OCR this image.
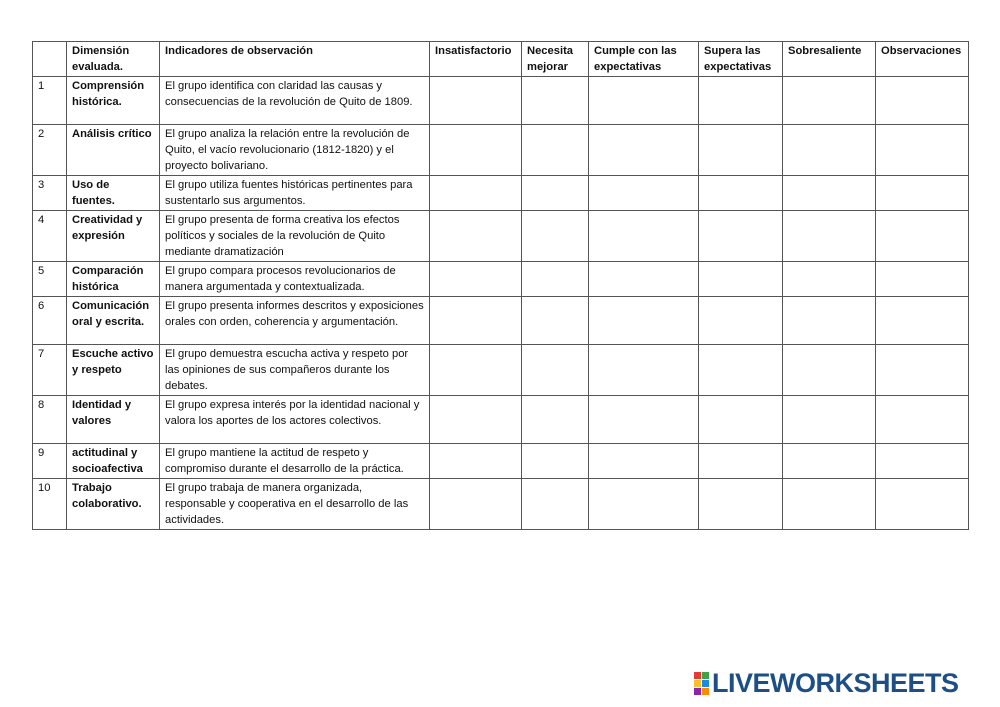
	Dimensión evaluada.	Indicadores de observación	Insatisfactorio	Necesita mejorar	Cumple con las expectativas	Supera las expectativas	Sobresaliente	Observaciones
1	Comprensión histórica.	El grupo identifica con claridad las causas y consecuencias de la revolución de Quito de 1809.						
2	Análisis crítico	El grupo analiza la relación entre la revolución de Quito, el vacío revolucionario (1812-1820) y el proyecto bolivariano.						
3	Uso de fuentes.	El grupo utiliza fuentes históricas pertinentes para sustentarlo sus argumentos.						
4	Creatividad y expresión	El grupo presenta de forma creativa los efectos políticos y sociales de la revolución de Quito mediante dramatización						
5	Comparación histórica	El grupo compara procesos revolucionarios de manera argumentada y contextualizada.						
6	Comunicación oral y escrita.	El grupo presenta informes descritos y exposiciones orales con orden, coherencia y argumentación.						
7	Escuche activo y respeto	El grupo demuestra escucha activa y respeto por las opiniones de sus compañeros durante los debates.						
8	Identidad y valores	El grupo expresa interés por la identidad nacional y valora los aportes de los actores colectivos.						
9	actitudinal y socioafectiva	El grupo mantiene la actitud de respeto y compromiso durante el desarrollo de la práctica.						
10	Trabajo colaborativo.	El grupo trabaja de manera organizada, responsable y cooperativa en el desarrollo de las actividades.						
LIVEWORKSHEETS
